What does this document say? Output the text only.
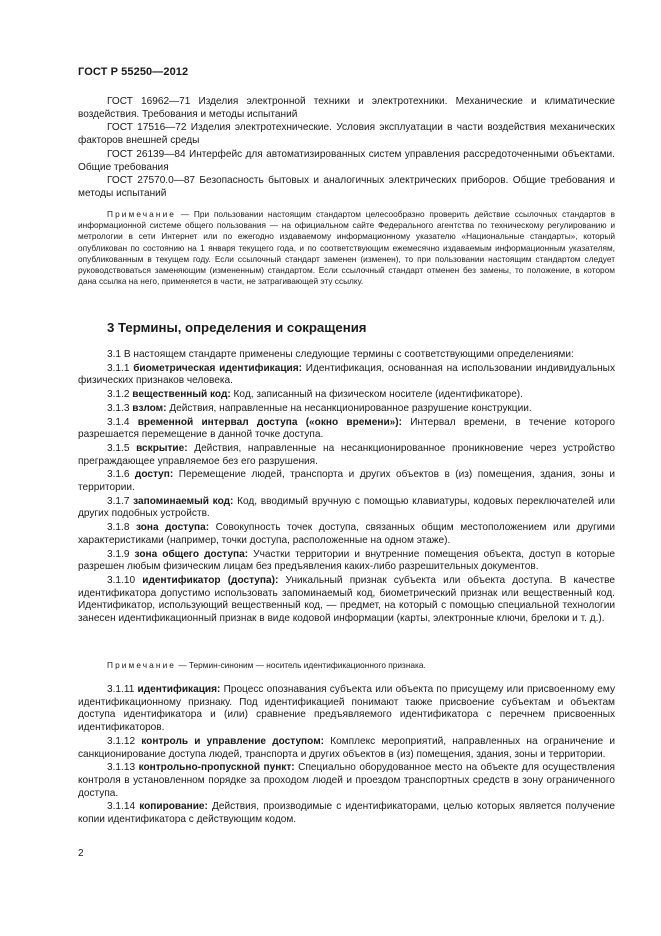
ГОСТ Р 55250—2012

ГОСТ 16962—71 Изделия электронной техники и электротехники. Механические и климатические воздействия. Требования и методы испытаний

ГОСТ 17516—72 Изделия электротехнические. Условия эксплуатации в части воздействия механических факторов внешней среды

ГОСТ 26139—84 Интерфейс для автоматизированных систем управления рассредоточенными объектами. Общие требования

ГОСТ 27570.0—87 Безопасность бытовых и аналогичных электрических приборов. Общие требования и методы испытаний

Примечание — При пользовании настоящим стандартом целесообразно проверить действие ссылочных стандартов в информационной системе общего пользования — на официальном сайте Федерального агентства по техническому регулированию и метрологии в сети Интернет или по ежегодно издаваемому информационному указателю «Национальные стандарты», который опубликован по состоянию на 1 января текущего года, и по соответствующим ежемесячно издаваемым информационным указателям, опубликованным в текущем году. Если ссылочный стандарт заменен (изменен), то при пользовании настоящим стандартом следует руководствоваться заменяющим (измененным) стандартом. Если ссылочный стандарт отменен без замены, то положение, в котором дана ссылка на него, применяется в части, не затрагивающей эту ссылку.

3 Термины, определения и сокращения

3.1 В настоящем стандарте применены следующие термины с соответствующими определениями:

3.1.1 биометрическая идентификация: Идентификация, основанная на использовании индивидуальных физических признаков человека.

3.1.2 вещественный код: Код, записанный на физическом носителе (идентификаторе).

3.1.3 взлом: Действия, направленные на несанкционированное разрушение конструкции.

3.1.4 временной интервал доступа («окно времени»): Интервал времени, в течение которого разрешается перемещение в данной точке доступа.

3.1.5 вскрытие: Действия, направленные на несанкционированное проникновение через устройство преграждающее управляемое без его разрушения.

3.1.6 доступ: Перемещение людей, транспорта и других объектов в (из) помещения, здания, зоны и территории.

3.1.7 запоминаемый код: Код, вводимый вручную с помощью клавиатуры, кодовых переключателей или других подобных устройств.

3.1.8 зона доступа: Совокупность точек доступа, связанных общим местоположением или другими характеристиками (например, точки доступа, расположенные на одном этаже).

3.1.9 зона общего доступа: Участки территории и внутренние помещения объекта, доступ в которые разрешен любым физическим лицам без предъявления каких-либо разрешительных документов.

3.1.10 идентификатор (доступа): Уникальный признак субъекта или объекта доступа. В качестве идентификатора допустимо использовать запоминаемый код, биометрический признак или вещественный код. Идентификатор, использующий вещественный код, — предмет, на который с помощью специальной технологии занесен идентификационный признак в виде кодовой информации (карты, электронные ключи, брелоки и т. д.).

Примечание — Термин-синоним — носитель идентификационного признака.

3.1.11 идентификация: Процесс опознавания субъекта или объекта по присущему или присвоенному ему идентификационному признаку. Под идентификацией понимают также присвоение субъектам и объектам доступа идентификатора и (или) сравнение предъявляемого идентификатора с перечнем присвоенных идентификаторов.

3.1.12 контроль и управление доступом: Комплекс мероприятий, направленных на ограничение и санкционирование доступа людей, транспорта и других объектов в (из) помещения, здания, зоны и территории.

3.1.13 контрольно-пропускной пункт: Специально оборудованное место на объекте для осуществления контроля в установленном порядке за проходом людей и проездом транспортных средств в зону ограниченного доступа.

3.1.14 копирование: Действия, производимые с идентификаторами, целью которых является получение копии идентификатора с действующим кодом.

2
